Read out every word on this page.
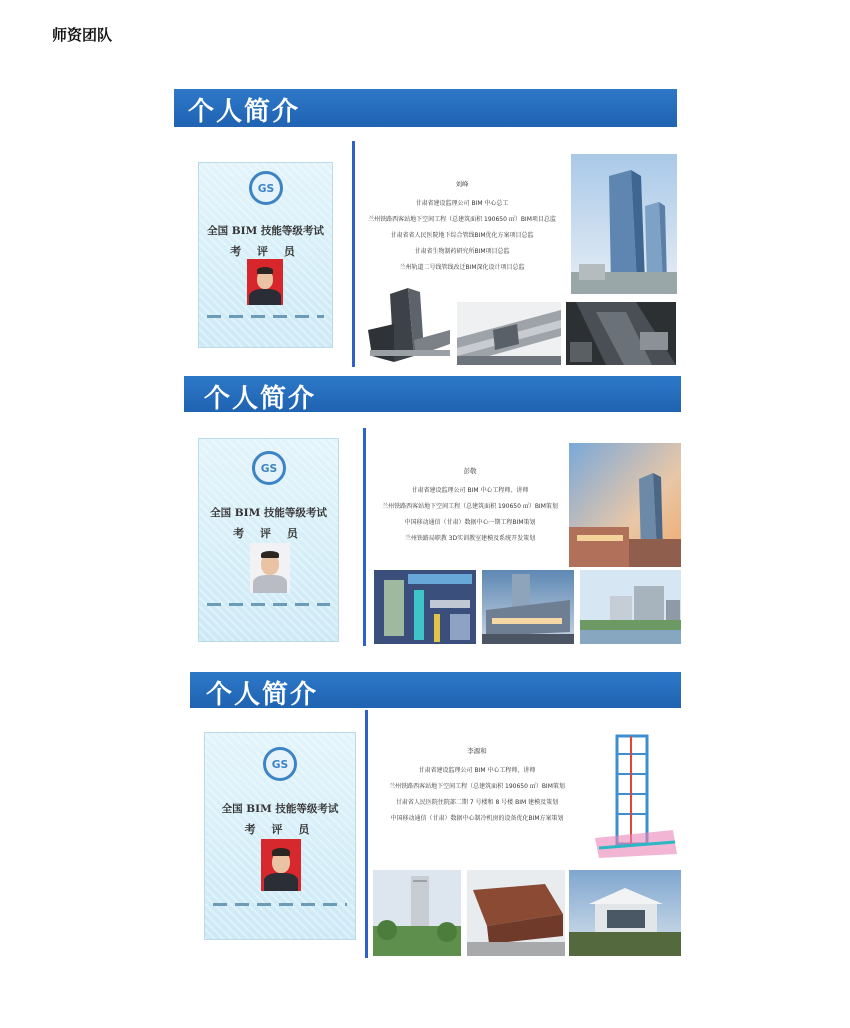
师资团队
个人简介
GS
全国 BIM 技能等级考试
考 评 员
刘峰
甘肃省建设监理公司 BIM 中心总工
兰州铁路西客站地下空间工程（总建筑面积 190650 ㎡）BIM项目总监
甘肃省省人民医院地下综合管线BIM优化方案项目总监
甘肃省生物制药研究所BIM项目总监
兰州轨道二号线管线改迁BIM深化设计项目总监
个人简介
GS
全国 BIM 技能等级考试
考 评 员
彭敬
甘肃省建设监理公司 BIM 中心工程师、讲师
兰州铁路西客站地下空间工程（总建筑面积 190650 ㎡）BIM策划
中国移动通信（甘肃）数据中心一期工程BIM策划
兰州铁路局职教 3D实训教室建模及系统开发策划
个人简介
GS
全国 BIM 技能等级考试
考 评 员
李源和
甘肃省建设监理公司 BIM 中心工程师、讲师
兰州铁路西客站地下空间工程（总建筑面积 190650 ㎡）BIM策划
甘肃省人民医院住院部二期 7 号楼和 8 号楼 BIM 建模及策划
中国移动通信（甘肃）数据中心制冷机房的设备优化BIM方案策划
